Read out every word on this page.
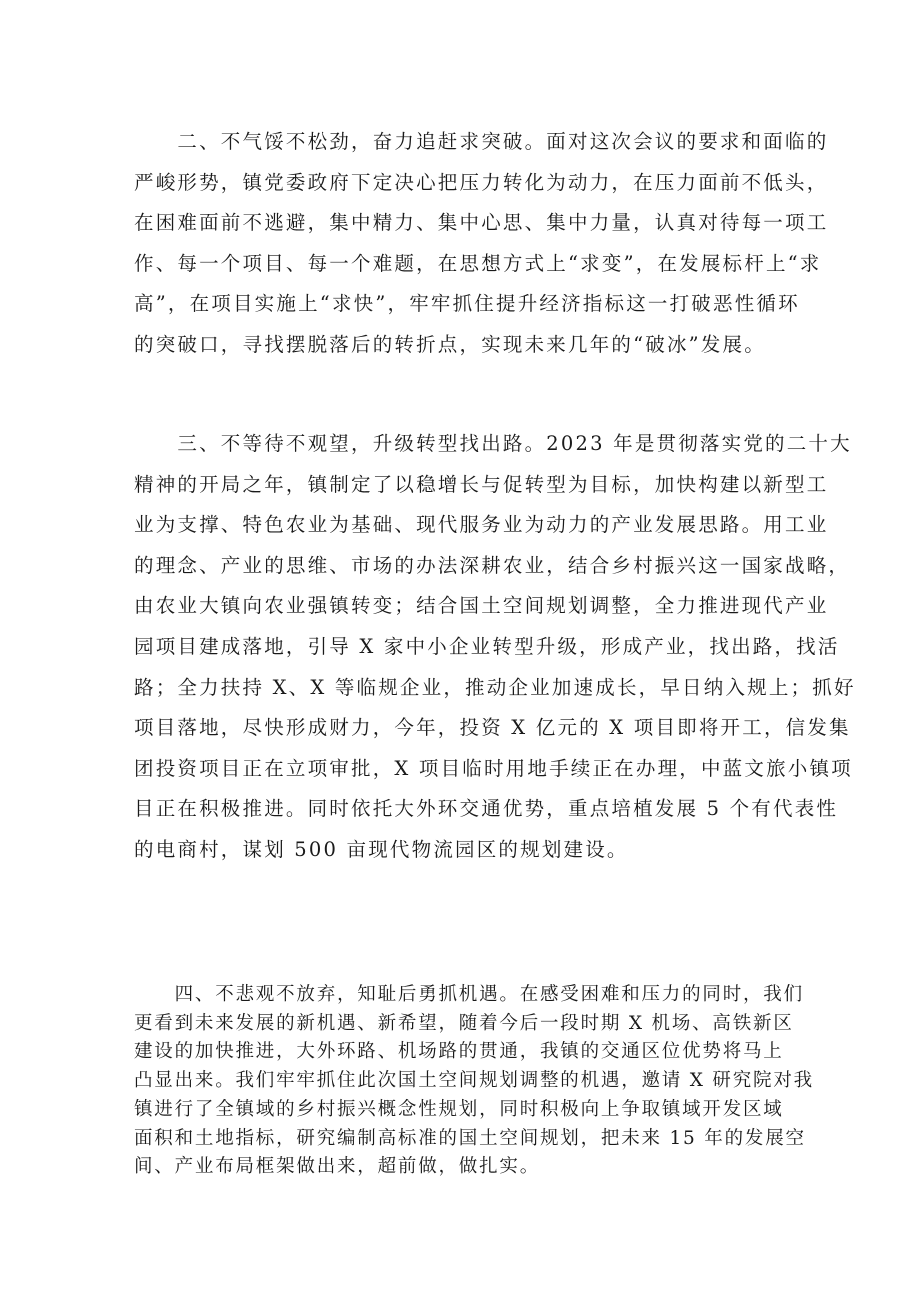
　　二、不气馁不松劲，奋力追赶求突破。面对这次会议的要求和面临的
严峻形势，镇党委政府下定决心把压力转化为动力，在压力面前不低头，
在困难面前不逃避，集中精力、集中心思、集中力量，认真对待每一项工
作、每一个项目、每一个难题，在思想方式上“求变”，在发展标杆上“求
高”，在项目实施上“求快”，牢牢抓住提升经济指标这一打破恶性循环
的突破口，寻找摆脱落后的转折点，实现未来几年的“破冰”发展。
　　三、不等待不观望，升级转型找出路。2023 年是贯彻落实党的二十大
精神的开局之年，镇制定了以稳增长与促转型为目标，加快构建以新型工
业为支撑、特色农业为基础、现代服务业为动力的产业发展思路。用工业
的理念、产业的思维、市场的办法深耕农业，结合乡村振兴这一国家战略，
由农业大镇向农业强镇转变；结合国土空间规划调整，全力推进现代产业
园项目建成落地，引导 X 家中小企业转型升级，形成产业，找出路，找活
路；全力扶持 X、X 等临规企业，推动企业加速成长，早日纳入规上；抓好
项目落地，尽快形成财力，今年，投资 X 亿元的 X 项目即将开工，信发集
团投资项目正在立项审批，X 项目临时用地手续正在办理，中蓝文旅小镇项
目正在积极推进。同时依托大外环交通优势，重点培植发展 5 个有代表性
的电商村，谋划 500 亩现代物流园区的规划建设。
　　四、不悲观不放弃，知耻后勇抓机遇。在感受困难和压力的同时，我们
更看到未来发展的新机遇、新希望，随着今后一段时期 X 机场、高铁新区
建设的加快推进，大外环路、机场路的贯通，我镇的交通区位优势将马上
凸显出来。我们牢牢抓住此次国土空间规划调整的机遇，邀请 X 研究院对我
镇进行了全镇域的乡村振兴概念性规划，同时积极向上争取镇域开发区域
面积和土地指标，研究编制高标准的国土空间规划，把未来 15 年的发展空
间、产业布局框架做出来，超前做，做扎实。
